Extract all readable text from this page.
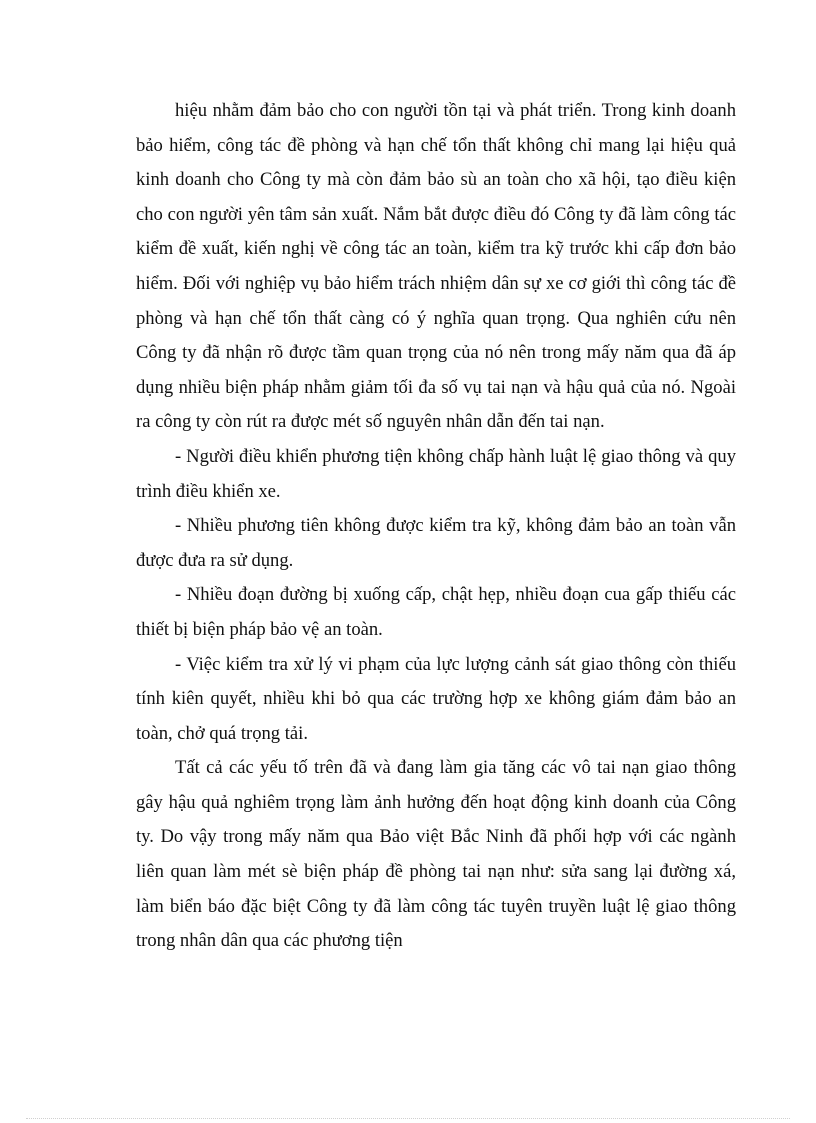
hiệu nhằm đảm bảo cho con người tồn tại và phát triển. Trong kinh doanh bảo hiểm, công tác đề phòng và hạn chế tổn thất không chỉ mang lại hiệu quả kinh doanh cho Công ty mà còn đảm bảo sù an toàn cho xã hội, tạo điều kiện cho con người yên tâm sản xuất. Nắm bắt được điều đó Công ty đã làm công tác kiểm đề xuất, kiến nghị về công tác an toàn, kiểm tra kỹ trước khi cấp đơn bảo hiểm. Đối với nghiệp vụ bảo hiểm trách nhiệm dân sự xe cơ giới thì công tác đề phòng và hạn chế tổn thất càng có ý nghĩa quan trọng. Qua nghiên cứu nên Công ty đã nhận rõ được tầm quan trọng của nó nên trong mấy năm qua đã áp dụng nhiều biện pháp nhằm giảm tối đa số vụ tai nạn và hậu quả của nó. Ngoài ra công ty còn rút ra được mét số nguyên nhân dẫn đến tai nạn.

- Người điều khiển phương tiện không chấp hành luật lệ giao thông và quy trình điều khiển xe.

- Nhiều phương tiên không được kiểm tra kỹ, không đảm bảo an toàn vẫn được đưa ra sử dụng.

- Nhiều đoạn đường bị xuống cấp, chật hẹp, nhiều đoạn cua gấp thiếu các thiết bị biện pháp bảo vệ an toàn.

- Việc kiểm tra xử lý vi phạm của lực lượng cảnh sát giao thông còn thiếu tính kiên quyết, nhiều khi bỏ qua các trường hợp xe không giám đảm bảo an toàn, chở quá trọng tải.

Tất cả các yếu tố trên đã và đang làm gia tăng các vô tai nạn giao thông gây hậu quả nghiêm trọng làm ảnh hưởng đến hoạt động kinh doanh của Công ty. Do vậy trong mấy năm qua Bảo việt Bắc Ninh đã phối hợp với các ngành liên quan làm mét sè biện pháp đề phòng tai nạn như: sửa sang lại đường xá, làm biển báo đặc biệt Công ty đã làm công tác tuyên truyền luật lệ giao thông trong nhân dân qua các phương tiện
